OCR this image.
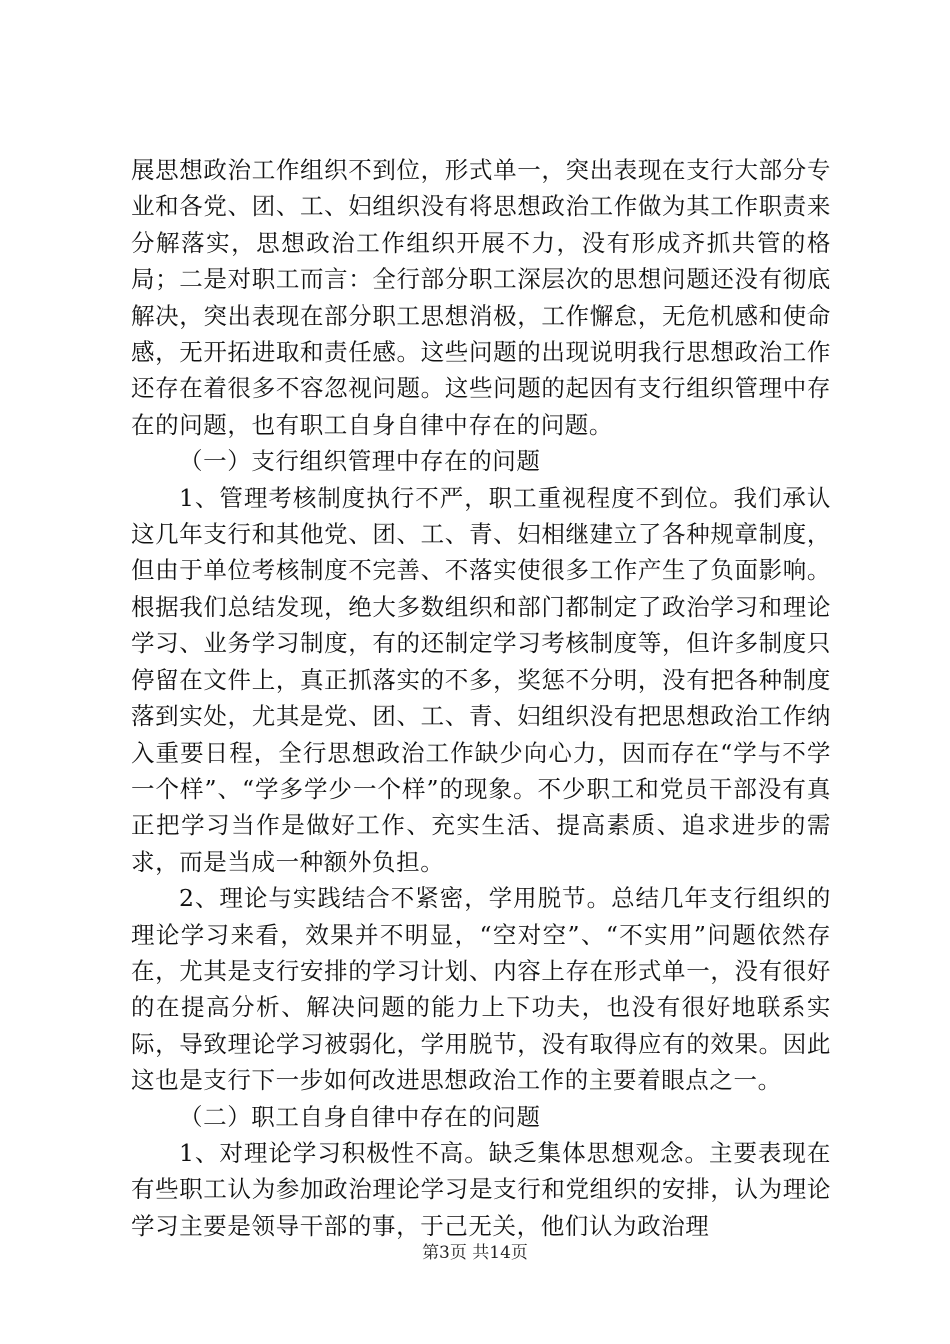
展思想政治工作组织不到位，形式单一，突出表现在支行大部分专业和各党、团、工、妇组织没有将思想政治工作做为其工作职责来分解落实，思想政治工作组织开展不力，没有形成齐抓共管的格局；二是对职工而言：全行部分职工深层次的思想问题还没有彻底解决，突出表现在部分职工思想消极，工作懈怠，无危机感和使命感，无开拓进取和责任感。这些问题的出现说明我行思想政治工作还存在着很多不容忽视问题。这些问题的起因有支行组织管理中存在的问题，也有职工自身自律中存在的问题。

（一）支行组织管理中存在的问题

1、管理考核制度执行不严，职工重视程度不到位。我们承认这几年支行和其他党、团、工、青、妇相继建立了各种规章制度，但由于单位考核制度不完善、不落实使很多工作产生了负面影响。根据我们总结发现，绝大多数组织和部门都制定了政治学习和理论学习、业务学习制度，有的还制定学习考核制度等，但许多制度只停留在文件上，真正抓落实的不多，奖惩不分明，没有把各种制度落到实处，尤其是党、团、工、青、妇组织没有把思想政治工作纳入重要日程，全行思想政治工作缺少向心力，因而存在“学与不学一个样”、“学多学少一个样”的现象。不少职工和党员干部没有真正把学习当作是做好工作、充实生活、提高素质、追求进步的需求，而是当成一种额外负担。

2、理论与实践结合不紧密，学用脱节。总结几年支行组织的理论学习来看，效果并不明显，“空对空”、“不实用”问题依然存在，尤其是支行安排的学习计划、内容上存在形式单一，没有很好的在提高分析、解决问题的能力上下功夫，也没有很好地联系实际，导致理论学习被弱化，学用脱节，没有取得应有的效果。因此这也是支行下一步如何改进思想政治工作的主要着眼点之一。

（二）职工自身自律中存在的问题

1、对理论学习积极性不高。缺乏集体思想观念。主要表现在有些职工认为参加政治理论学习是支行和党组织的安排，认为理论学习主要是领导干部的事，于己无关，他们认为政治理

第3页 共14页
